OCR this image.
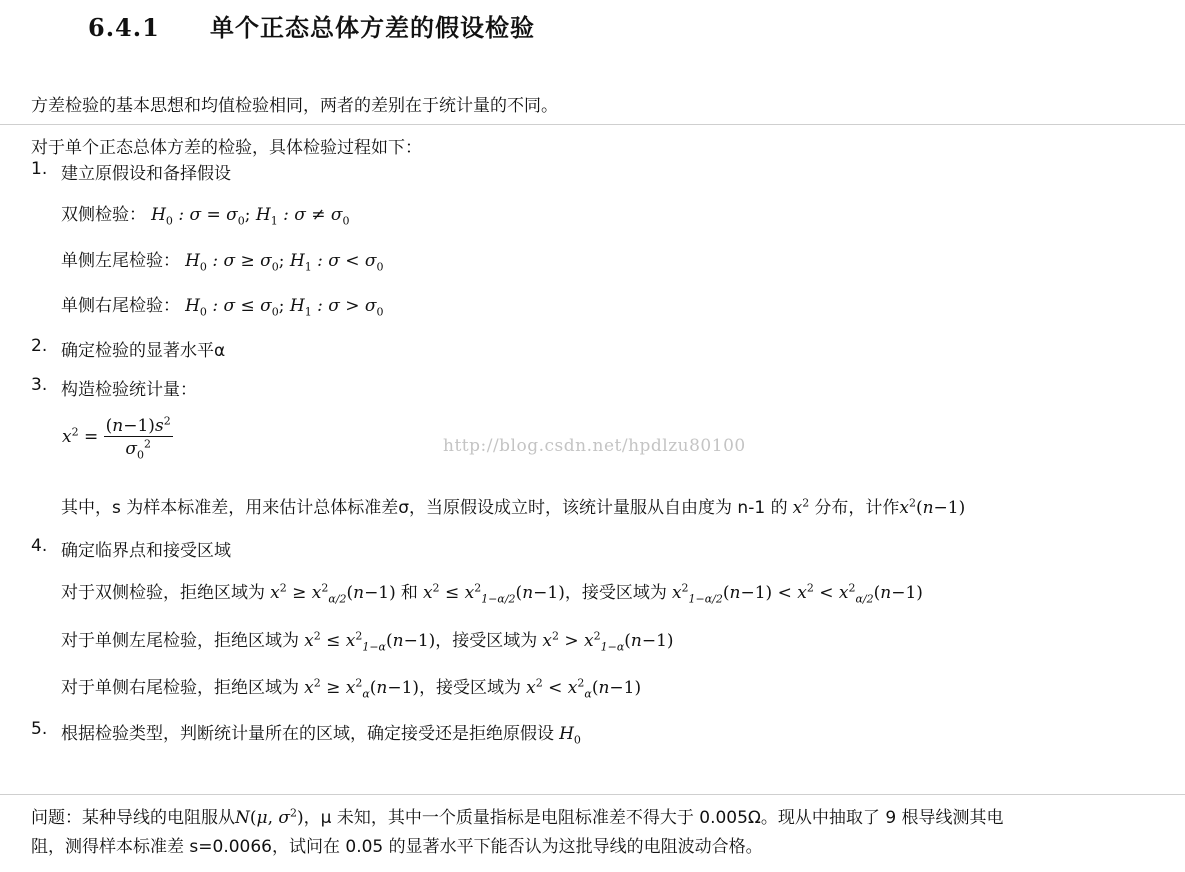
6.4.1 单个正态总体方差的假设检验
方差检验的基本思想和均值检验相同，两者的差别在于统计量的不同。
对于单个正态总体方差的检验，具体检验过程如下：
1. 建立原假设和备择假设
双侧检验： $H_0$ : $\sigma = \sigma_0$; $H_1$ : $\sigma \ne \sigma_0$
单侧左尾检验： $H_0$ : $\sigma \ge \sigma_0$; $H_1$ : $\sigma < \sigma_0$
单侧右尾检验： $H_0$ : $\sigma \le \sigma_0$; $H_1$ : $\sigma > \sigma_0$
2. 确定检验的显著水平α
3. 构造检验统计量：
$x^2 = \frac{(n-1)s^2}{\sigma_0^2}$	http://blog.csdn.net/hpdlzu80100
其中，s 为样本标准差，用来估计总体标准差σ，当原假设成立时，该统计量服从自由度为 n-1 的 $x^2$ 分布，计作$x^2(n-1)$
4. 确定临界点和接受区域
对于双侧检验，拒绝区域为 $x^2 \ge x^2_{\alpha/2}(n-1)$ 和 $x^2 \le x^2_{1-\alpha/2}(n-1)$，接受区域为 $x^2_{1-\alpha/2}(n-1) < x^2 < x^2_{\alpha/2}(n-1)$
对于单侧左尾检验，拒绝区域为 $x^2 \le x^2_{1-\alpha}(n-1)$，接受区域为 $x^2 > x^2_{1-\alpha}(n-1)$
对于单侧右尾检验，拒绝区域为 $x^2 \ge x^2_\alpha(n-1)$，接受区域为 $x^2 < x^2_\alpha(n-1)$
5. 根据检验类型，判断统计量所在的区域，确定接受还是拒绝原假设 $H_0$
问题：某种导线的电阻服从N(μ, $\sigma^2$)，μ 未知，其中一个质量指标是电阻标准差不得大于 0.005Ω。现从中抽取了 9 根导线测其电
阻，测得样本标准差 s=0.0066，试问在 0.05 的显著水平下能否认为这批导线的电阻波动合格。
